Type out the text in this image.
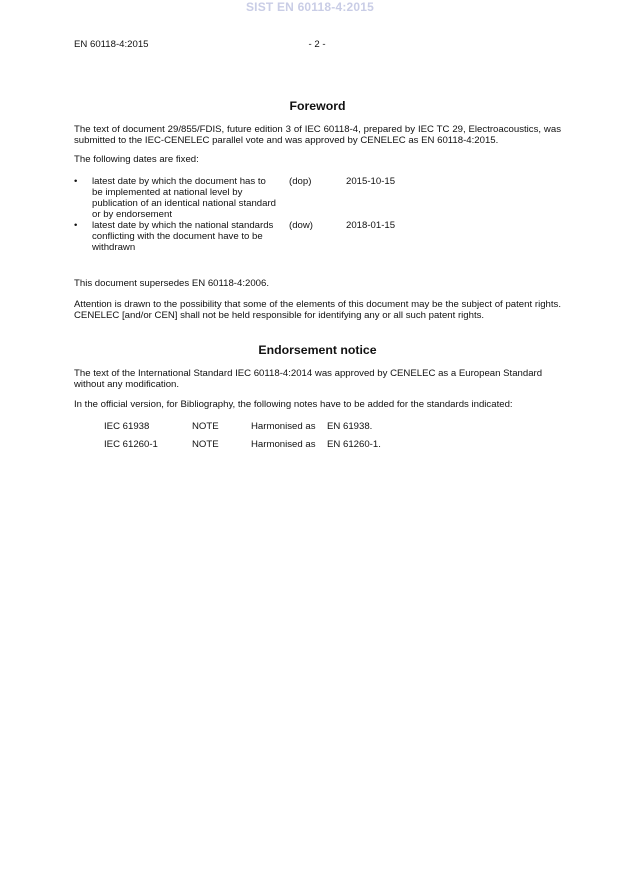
SIST EN 60118-4:2015
EN 60118-4:2015	- 2 -
Foreword

The text of document 29/855/FDIS, future edition 3 of IEC 60118-4, prepared by IEC TC 29, Electroacoustics, was submitted to the IEC-CENELEC parallel vote and was approved by CENELEC as EN 60118-4:2015.

The following dates are fixed:

• latest date by which the document has to be implemented at national level by publication of an identical national standard or by endorsement
(dop)	2015-10-15
• latest date by which the national standards conflicting with the document have to be withdrawn
(dow)	2018-01-15

This document supersedes EN 60118-4:2006.

Attention is drawn to the possibility that some of the elements of this document may be the subject of patent rights. CENELEC [and/or CEN] shall not be held responsible for identifying any or all such patent rights.

Endorsement notice

The text of the International Standard IEC 60118-4:2014 was approved by CENELEC as a European Standard without any modification.

In the official version, for Bibliography, the following notes have to be added for the standards indicated:

IEC 61938	NOTE	Harmonised as EN 61938.
IEC 61260-1	NOTE	Harmonised as EN 61260-1.
